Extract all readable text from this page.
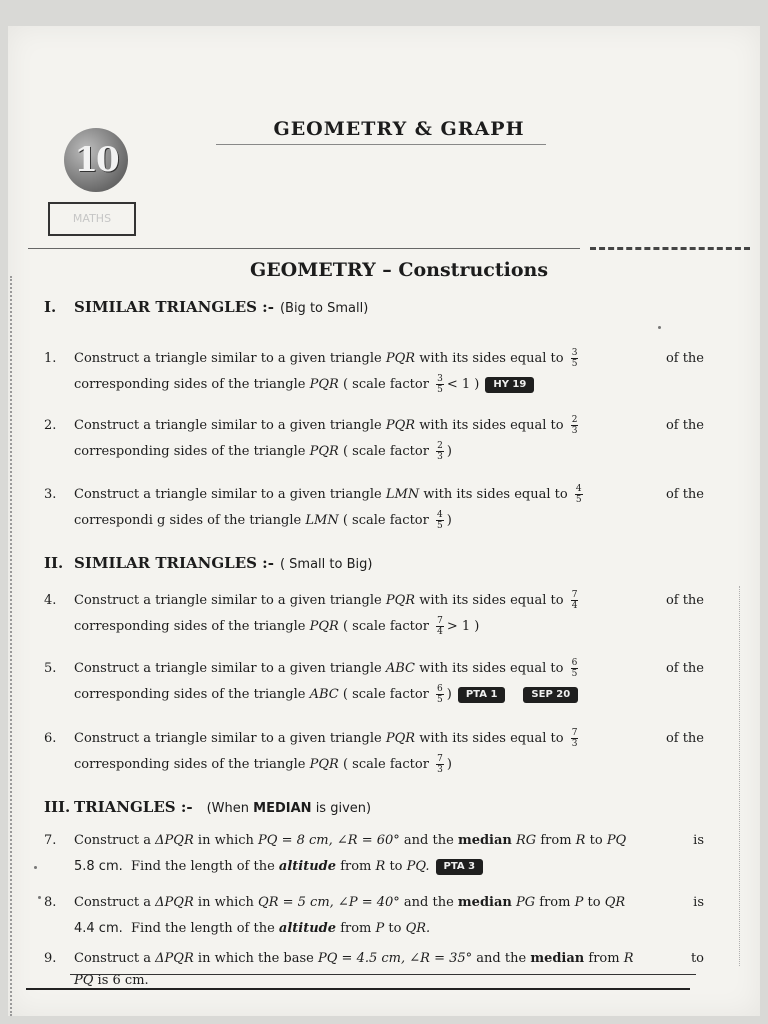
10
MATHS
GEOMETRY & GRAPH
GEOMETRY – Constructions
I. SIMILAR TRIANGLES :- (Big to Small)
1.	Construct a triangle similar to a given triangle PQR with its sides equal to $\frac{3}{5}$	of the
corresponding sides of the triangle PQR ( scale factor $\frac{3}{5} < 1$ ) HY 19
2.	Construct a triangle similar to a given triangle PQR with its sides equal to $\frac{2}{3}$	of the
corresponding sides of the triangle PQR ( scale factor $\frac{2}{3}$ )
3.	Construct a triangle similar to a given triangle LMN with its sides equal to $\frac{4}{5}$	of the
correspondi g sides of the triangle LMN ( scale factor $\frac{4}{5}$ )
II. SIMILAR TRIANGLES :- ( Small to Big)
4.	Construct a triangle similar to a given triangle PQR with its sides equal to $\frac{7}{4}$	of the
corresponding sides of the triangle PQR ( scale factor $\frac{7}{4} > 1$ )
5.	Construct a triangle similar to a given triangle ABC with its sides equal to $\frac{6}{5}$	of the
corresponding sides of the triangle ABC ( scale factor $\frac{6}{5}$ ) PTA 1	SEP 20
6.	Construct a triangle similar to a given triangle PQR with its sides equal to $\frac{7}{3}$	of the
corresponding sides of the triangle PQR ( scale factor $\frac{7}{3}$ )
III. TRIANGLES :- (When MEDIAN is given)
7.	Construct a ΔPQR in which PQ = 8 cm, ∠R = 60° and the median RG from R to PQ	is
5.8 cm. Find the length of the altitude from R to PQ. PTA 3
8.	Construct a ΔPQR in which QR = 5 cm, ∠P = 40° and the median PG from P to QR	is
4.4 cm. Find the length of the altitude from P to QR.
9.	Construct a ΔPQR in which the base PQ = 4.5 cm, ∠R = 35° and the median from R	to
PQ is 6 cm.
